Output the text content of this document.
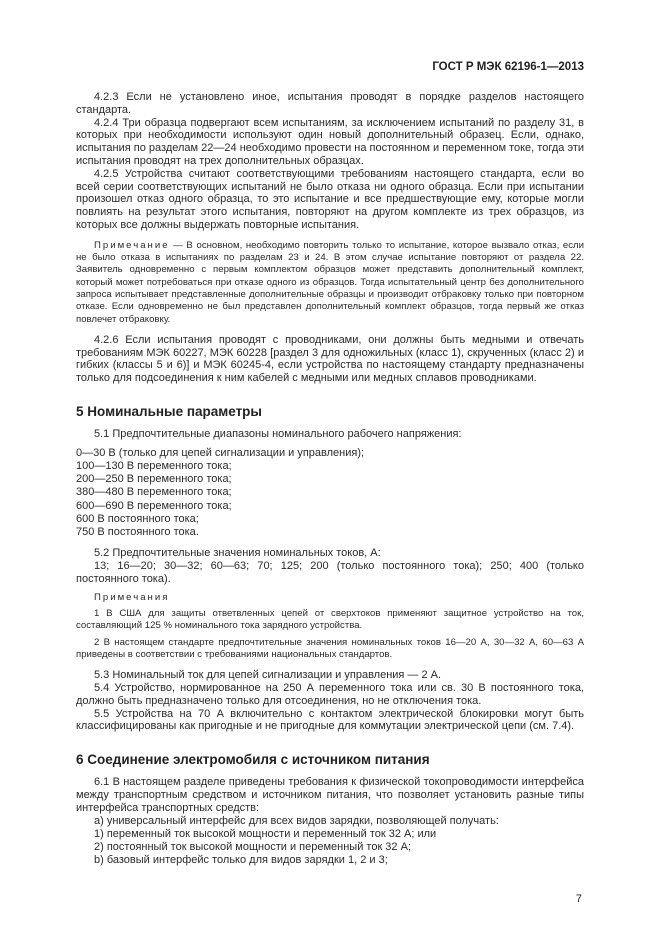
ГОСТ Р МЭК 62196-1—2013

4.2.3 Если не установлено иное, испытания проводят в порядке разделов настоящего стандарта.

4.2.4 Три образца подвергают всем испытаниям, за исключением испытаний по разделу 31, в которых при необходимости используют один новый дополнительный образец. Если, однако, испытания по разделам 22—24 необходимо провести на постоянном и переменном токе, тогда эти испытания проводят на трех дополнительных образцах.

4.2.5 Устройства считают соответствующими требованиям настоящего стандарта, если во всей серии соответствующих испытаний не было отказа ни одного образца. Если при испытании произошел отказ одного образца, то это испытание и все предшествующие ему, которые могли повлиять на результат этого испытания, повторяют на другом комплекте из трех образцов, из которых все должны выдержать повторные испытания.

Примечание — В основном, необходимо повторить только то испытание, которое вызвало отказ, если не было отказа в испытаниях по разделам 23 и 24. В этом случае испытание повторяют от раздела 22. Заявитель одновременно с первым комплектом образцов может представить дополнительный комплект, который может потребоваться при отказе одного из образцов. Тогда испытательный центр без дополнительного запроса испытывает представленные дополнительные образцы и производит отбраковку только при повторном отказе. Если одновременно не был представлен дополнительный комплект образцов, тогда первый же отказ повлечет отбраковку.

4.2.6 Если испытания проводят с проводниками, они должны быть медными и отвечать требованиям МЭК 60227, МЭК 60228 [раздел 3 для одножильных (класс 1), скрученных (класс 2) и гибких (классы 5 и 6)] и МЭК 60245-4, если устройства по настоящему стандарту предназначены только для подсоединения к ним кабелей с медными или медных сплавов проводниками.

5 Номинальные параметры

5.1 Предпочтительные диапазоны номинального рабочего напряжения:

0—30 В (только для цепей сигнализации и управления);

100—130 В переменного тока;

200—250 В переменного тока;

380—480 В переменного тока;

600—690 В переменного тока;

600 В постоянного тока;

750 В постоянного тока.

5.2 Предпочтительные значения номинальных токов, А:

13; 16—20; 30—32; 60—63; 70; 125; 200 (только постоянного тока); 250; 400 (только постоянного тока).

Примечания

1 В США для защиты ответвленных цепей от сверхтоков применяют защитное устройство на ток, составляющий 125 % номинального тока зарядного устройства.

2 В настоящем стандарте предпочтительные значения номинальных токов 16—20 А, 30—32 А, 60—63 А приведены в соответствии с требованиями национальных стандартов.

5.3 Номинальный ток для цепей сигнализации и управления — 2 А.

5.4 Устройство, нормированное на 250 А переменного тока или св. 30 В постоянного тока, должно быть предназначено только для отсоединения, но не отключения тока.

5.5 Устройства на 70 А включительно с контактом электрической блокировки могут быть классифицированы как пригодные и не пригодные для коммутации электрической цепи (см. 7.4).

6 Соединение электромобиля с источником питания

6.1 В настоящем разделе приведены требования к физической токопроводимости интерфейса между транспортным средством и источником питания, что позволяет установить разные типы интерфейса транспортных средств:

a) универсальный интерфейс для всех видов зарядки, позволяющей получать:

1) переменный ток высокой мощности и переменный ток 32 А; или

2) постоянный ток высокой мощности и переменный ток 32 А;

b) базовый интерфейс только для видов зарядки 1, 2 и 3;

7
